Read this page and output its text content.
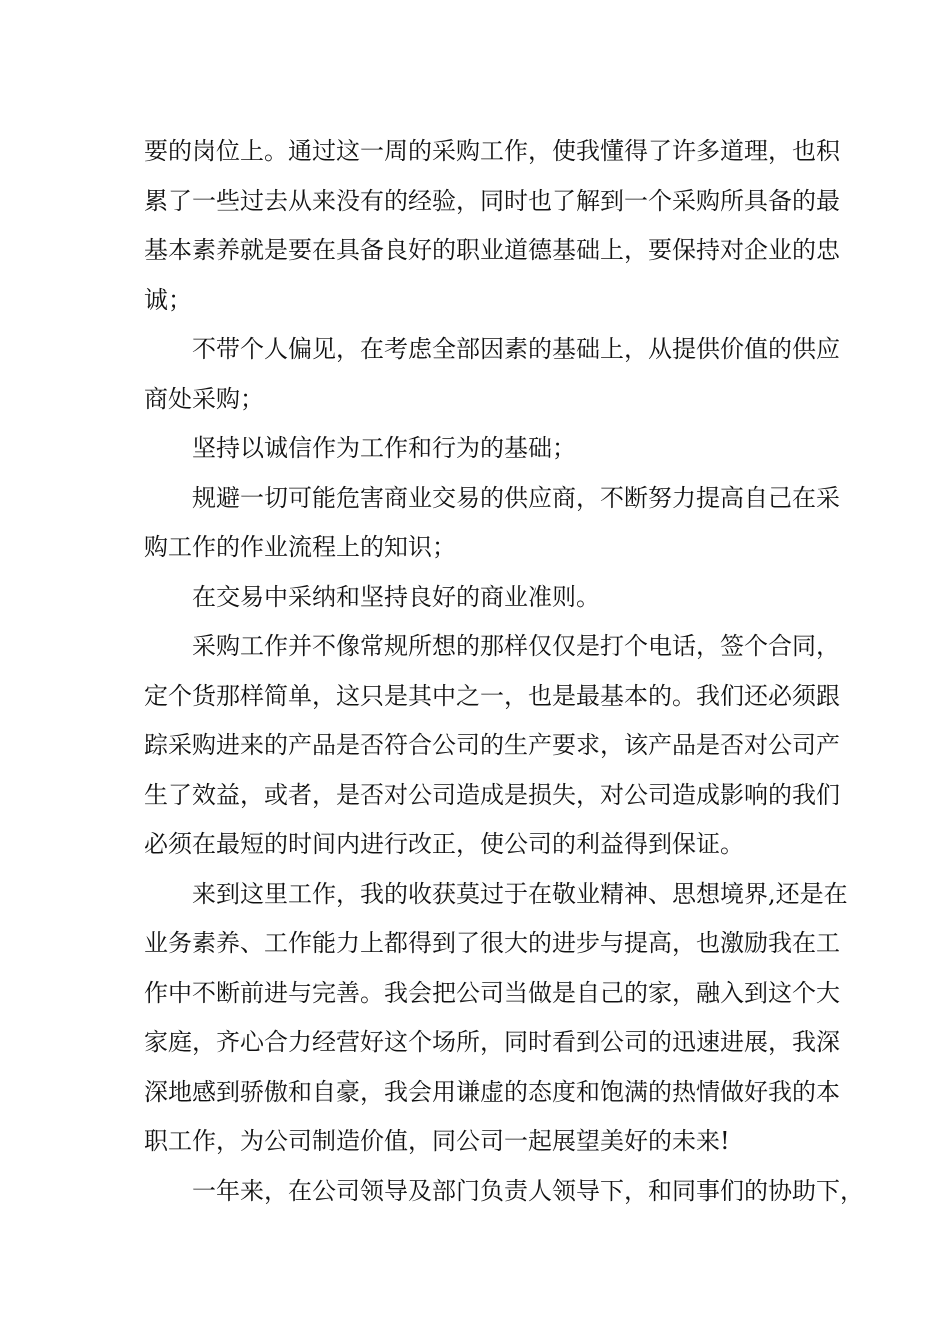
要的岗位上。通过这一周的采购工作，使我懂得了许多道理，也积
累了一些过去从来没有的经验，同时也了解到一个采购所具备的最
基本素养就是要在具备良好的职业道德基础上，要保持对企业的忠
诚；
不带个人偏见，在考虑全部因素的基础上，从提供价值的供应
商处采购；
坚持以诚信作为工作和行为的基础；
规避一切可能危害商业交易的供应商，不断努力提高自己在采
购工作的作业流程上的知识；
在交易中采纳和坚持良好的商业准则。
采购工作并不像常规所想的那样仅仅是打个电话，签个合同，
定个货那样简单，这只是其中之一，也是最基本的。我们还必须跟
踪采购进来的产品是否符合公司的生产要求，该产品是否对公司产
生了效益，或者，是否对公司造成是损失，对公司造成影响的我们
必须在最短的时间内进行改正，使公司的利益得到保证。
来到这里工作，我的收获莫过于在敬业精神、思想境界,还是在
业务素养、工作能力上都得到了很大的进步与提高，也激励我在工
作中不断前进与完善。我会把公司当做是自己的家，融入到这个大
家庭，齐心合力经营好这个场所，同时看到公司的迅速进展，我深
深地感到骄傲和自豪，我会用谦虚的态度和饱满的热情做好我的本
职工作，为公司制造价值，同公司一起展望美好的未来!
一年来，在公司领导及部门负责人领导下，和同事们的协助下，
